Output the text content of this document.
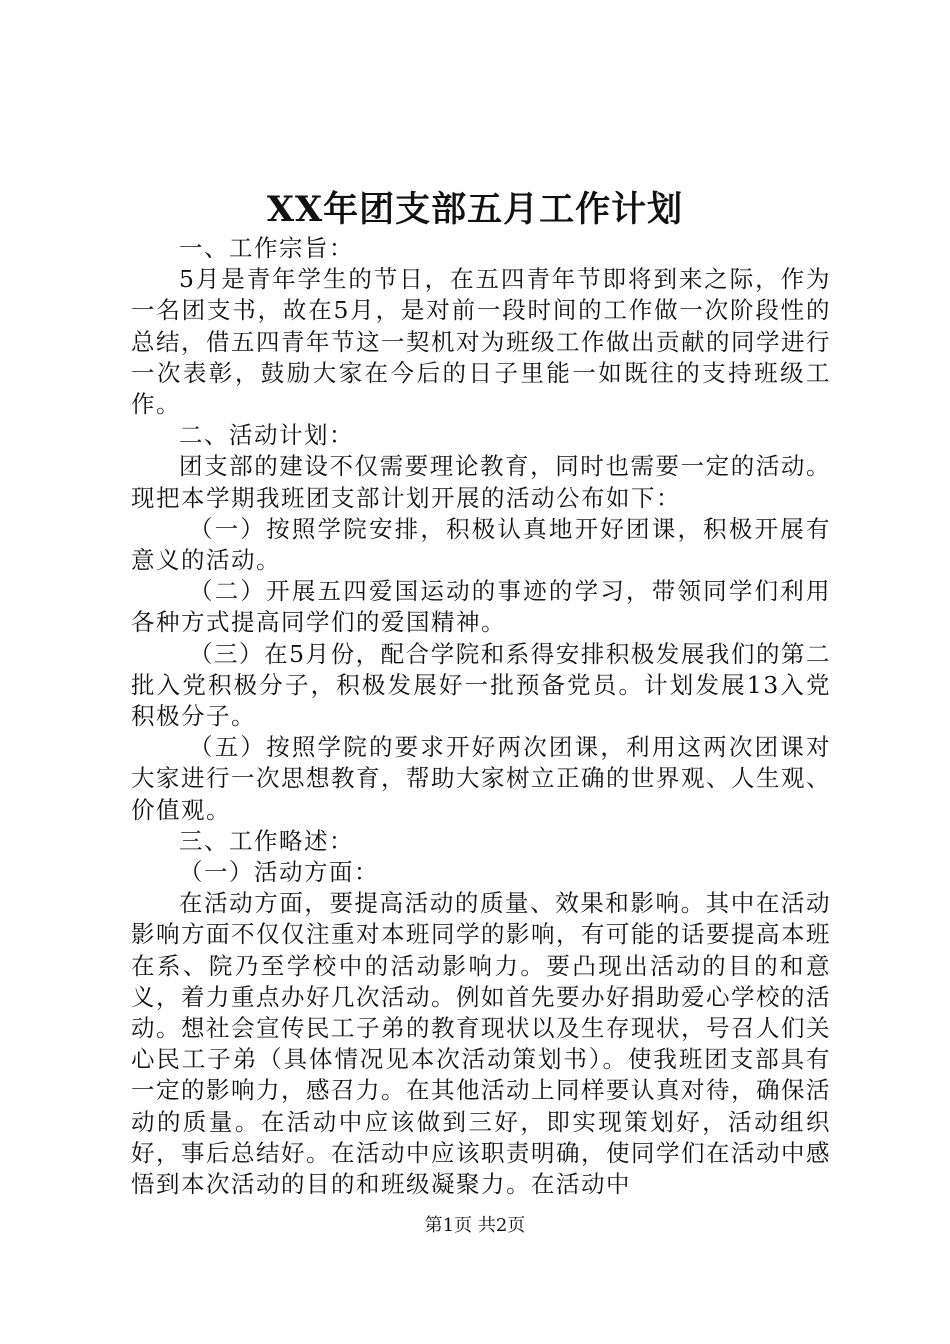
XX年团支部五月工作计划

一、工作宗旨：

5月是青年学生的节日，在五四青年节即将到来之际，作为一名团支书，故在5月，是对前一段时间的工作做一次阶段性的总结，借五四青年节这一契机对为班级工作做出贡献的同学进行一次表彰，鼓励大家在今后的日子里能一如既往的支持班级工作。

二、活动计划：

团支部的建设不仅需要理论教育，同时也需要一定的活动。现把本学期我班团支部计划开展的活动公布如下：

（一）按照学院安排，积极认真地开好团课，积极开展有意义的活动。

（二）开展五四爱国运动的事迹的学习，带领同学们利用各种方式提高同学们的爱国精神。

（三）在5月份，配合学院和系得安排积极发展我们的第二批入党积极分子，积极发展好一批预备党员。计划发展13入党积极分子。

（五）按照学院的要求开好两次团课，利用这两次团课对大家进行一次思想教育，帮助大家树立正确的世界观、人生观、价值观。

三、工作略述：

（一）活动方面：

在活动方面，要提高活动的质量、效果和影响。其中在活动影响方面不仅仅注重对本班同学的影响，有可能的话要提高本班在系、院乃至学校中的活动影响力。要凸现出活动的目的和意义，着力重点办好几次活动。例如首先要办好捐助爱心学校的活动。想社会宣传民工子弟的教育现状以及生存现状，号召人们关心民工子弟（具体情况见本次活动策划书）。使我班团支部具有一定的影响力，感召力。在其他活动上同样要认真对待，确保活动的质量。在活动中应该做到三好，即实现策划好，活动组织好，事后总结好。在活动中应该职责明确，使同学们在活动中感悟到本次活动的目的和班级凝聚力。在活动中

第1页 共2页
